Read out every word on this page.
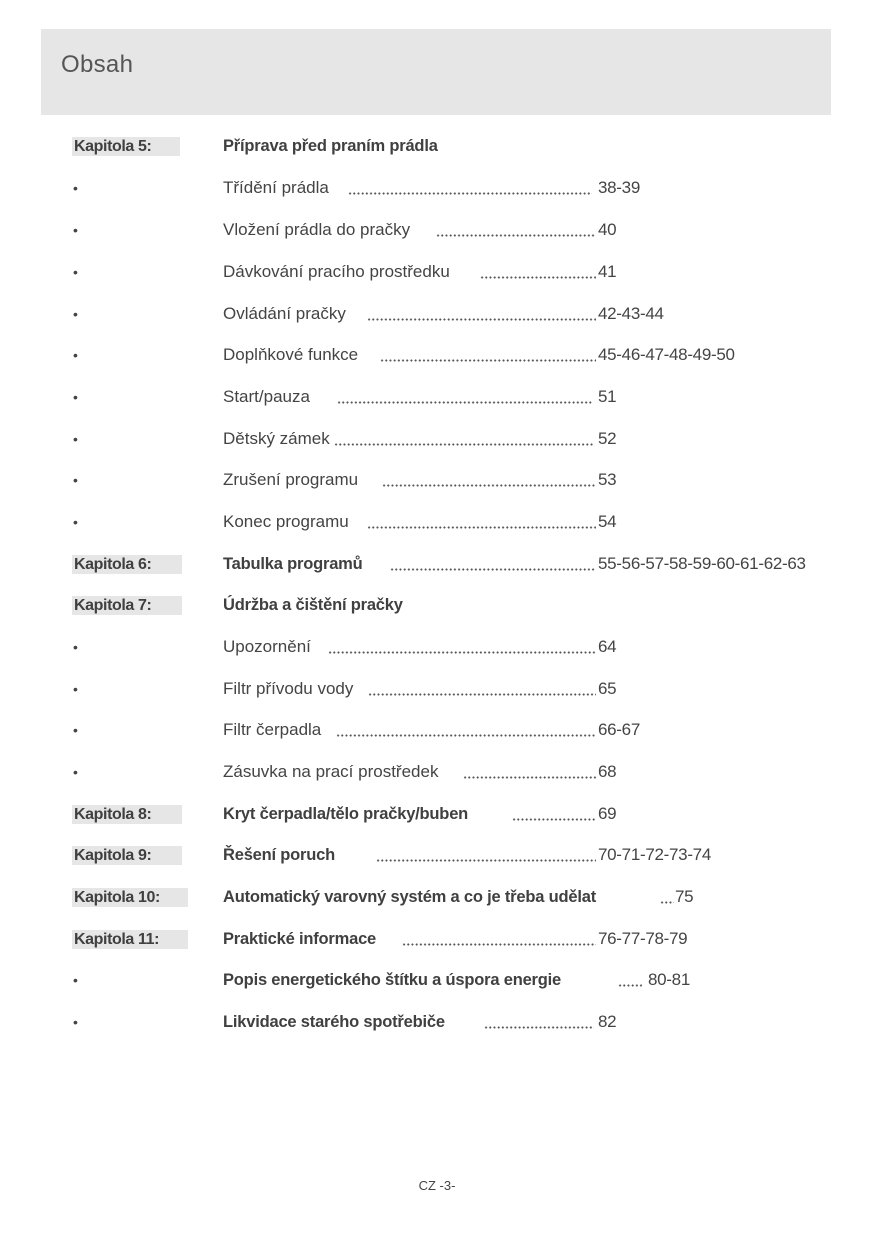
Obsah
Kapitola 5:	Příprava před praním prádla
•	Třídění prádla	38-39
•	Vložení prádla do pračky	40
•	Dávkování pracího prostředku	41
•	Ovládání pračky	42-43-44
•	Doplňkové funkce	45-46-47-48-49-50
•	Start/pauza	51
•	Dětský zámek	52
•	Zrušení programu	53
•	Konec programu	54
Kapitola 6:	Tabulka programů	55-56-57-58-59-60-61-62-63
Kapitola 7:	Údržba a čištění pračky
•	Upozornění	64
•	Filtr přívodu vody	65
•	Filtr čerpadla	66-67
•	Zásuvka na prací prostředek	68
Kapitola 8:	Kryt čerpadla/tělo pračky/buben	69
Kapitola 9:	Řešení poruch	70-71-72-73-74
Kapitola 10:	Automatický varovný systém a co je třeba udělat	75
Kapitola 11:	Praktické informace	76-77-78-79
•	Popis energetického štítku a úspora energie	80-81
•	Likvidace starého spotřebiče	82
CZ -3-
